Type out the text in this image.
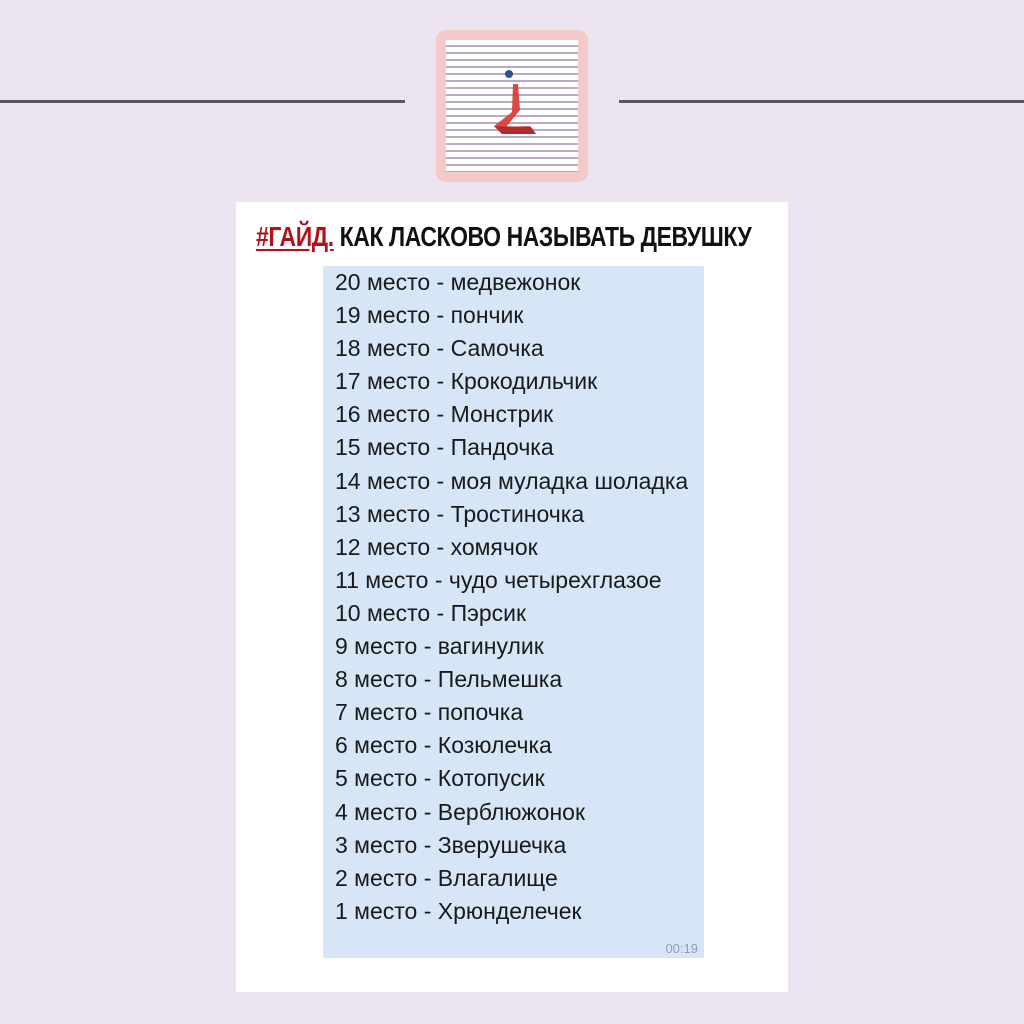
#ГАЙД. КАК ЛАСКОВО НАЗЫВАТЬ ДЕВУШКУ
20 место - медвежонок
19 место - пончик
18 место - Самочка
17 место - Крокодильчик
16 место - Монстрик
15 место - Пандочка
14 место - моя муладка шоладка
13 место - Тростиночка
12 место - хомячок
11 место - чудо четырехглазое
10 место - Пэрсик
9 место - вагинулик
8 место - Пельмешка
7 место - попочка
6 место - Козюлечка
5 место - Котопусик
4 место - Верблюжонок
3 место - Зверушечка
2 место - Влагалище
1 место - Хрюнделечек
00:19
